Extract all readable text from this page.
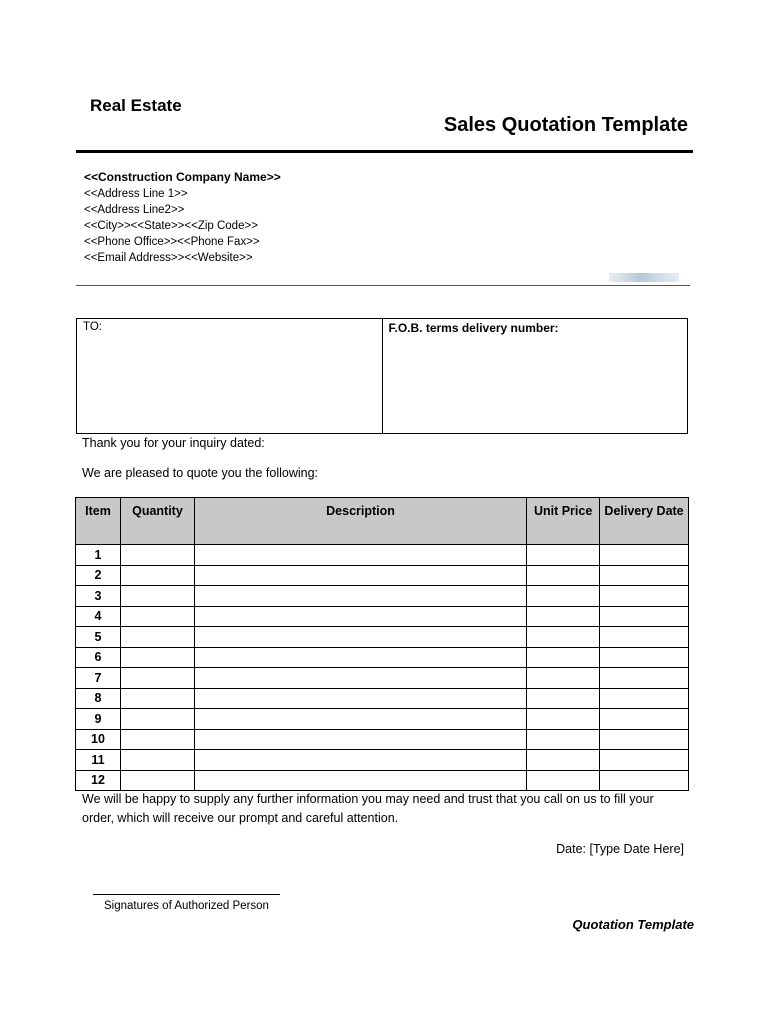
Real Estate
Sales Quotation Template
<<Construction Company Name>>
<<Address Line 1>>
<<Address Line2>>
<<City>><<State>><<Zip Code>>
<<Phone Office>><<Phone Fax>>
<<Email Address>><<Website>>
TO:	F.O.B. terms delivery number:
Thank you for your inquiry dated:
We are pleased to quote you the following:
Item	Quantity	Description	Unit Price	Delivery Date
1				
2				
3				
4				
5				
6				
7				
8				
9				
10				
11				
12				
We will be happy to supply any further information you may need and trust that you call on us to fill your order, which will receive our prompt and careful attention.
Date: [Type Date Here]
Signatures of Authorized Person
Quotation Template
